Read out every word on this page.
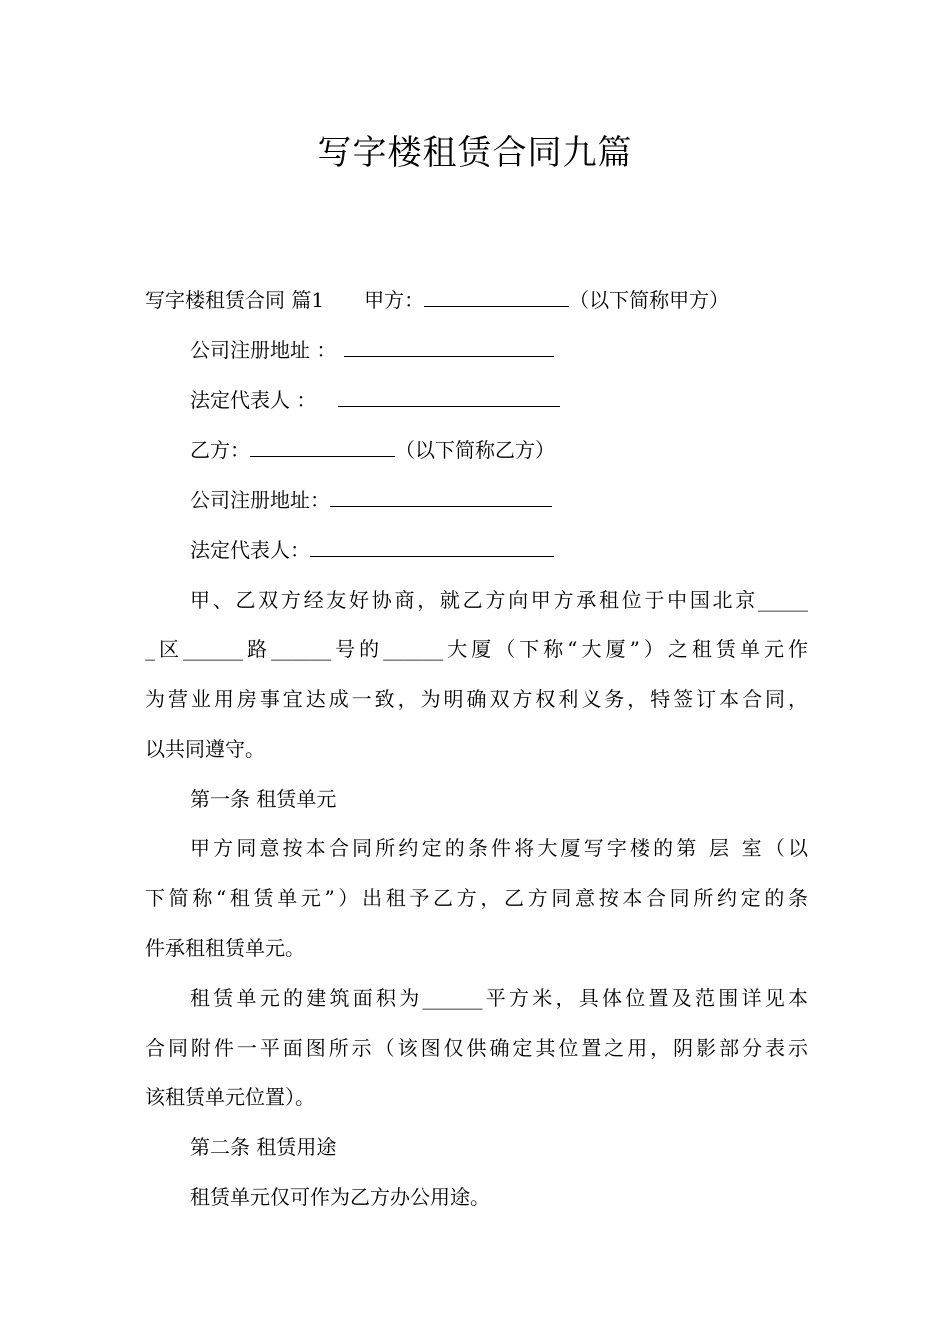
写字楼租赁合同九篇
写字楼租赁合同 篇1　　甲方：	（以下简称甲方）
公司注册地址 ：
法定代表人 ：
乙方：	（以下简称乙方）
公司注册地址：
法定代表人：
甲、乙双方经友好协商，就乙方向甲方承租位于中国北京_____
_区______路______号的______大厦（下称“大厦”）之租赁单元作
为营业用房事宜达成一致，为明确双方权利义务，特签订本合同，
以共同遵守。
第一条 租赁单元
甲方同意按本合同所约定的条件将大厦写字楼的第 层 室（以
下简称“租赁单元”）出租予乙方，乙方同意按本合同所约定的条
件承租租赁单元。
租赁单元的建筑面积为______平方米，具体位置及范围详见本
合同附件一平面图所示（该图仅供确定其位置之用，阴影部分表示
该租赁单元位置）。
第二条 租赁用途
租赁单元仅可作为乙方办公用途。
